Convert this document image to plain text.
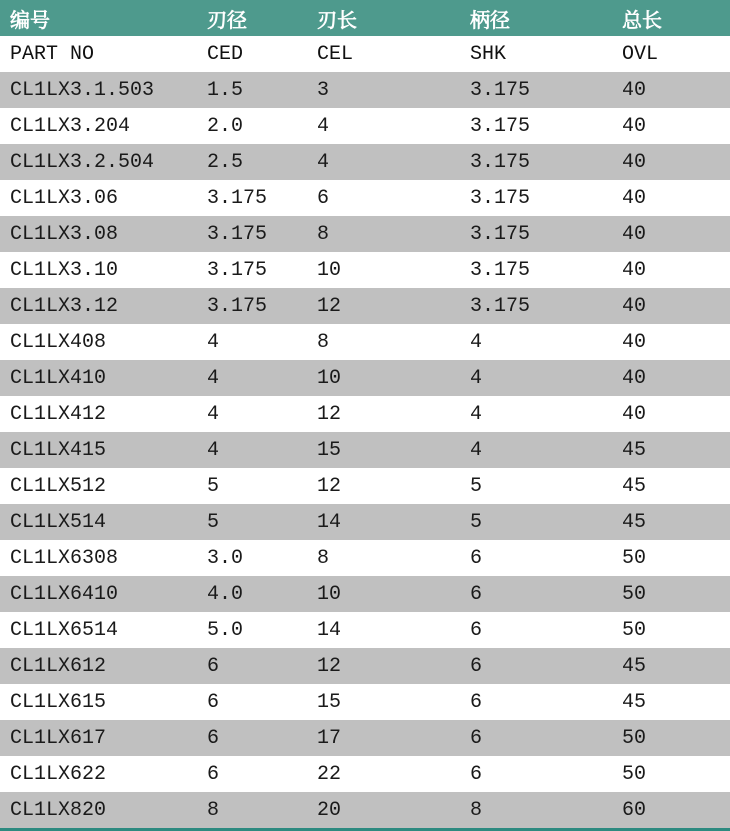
编号	刃径	刃长	柄径	总长
PART NO	CED	CEL	SHK	OVL
CL1LX3.1.503	1.5	3	3.175	40
CL1LX3.204	2.0	4	3.175	40
CL1LX3.2.504	2.5	4	3.175	40
CL1LX3.06	3.175	6	3.175	40
CL1LX3.08	3.175	8	3.175	40
CL1LX3.10	3.175	10	3.175	40
CL1LX3.12	3.175	12	3.175	40
CL1LX408	4	8	4	40
CL1LX410	4	10	4	40
CL1LX412	4	12	4	40
CL1LX415	4	15	4	45
CL1LX512	5	12	5	45
CL1LX514	5	14	5	45
CL1LX6308	3.0	8	6	50
CL1LX6410	4.0	10	6	50
CL1LX6514	5.0	14	6	50
CL1LX612	6	12	6	45
CL1LX615	6	15	6	45
CL1LX617	6	17	6	50
CL1LX622	6	22	6	50
CL1LX820	8	20	8	60
